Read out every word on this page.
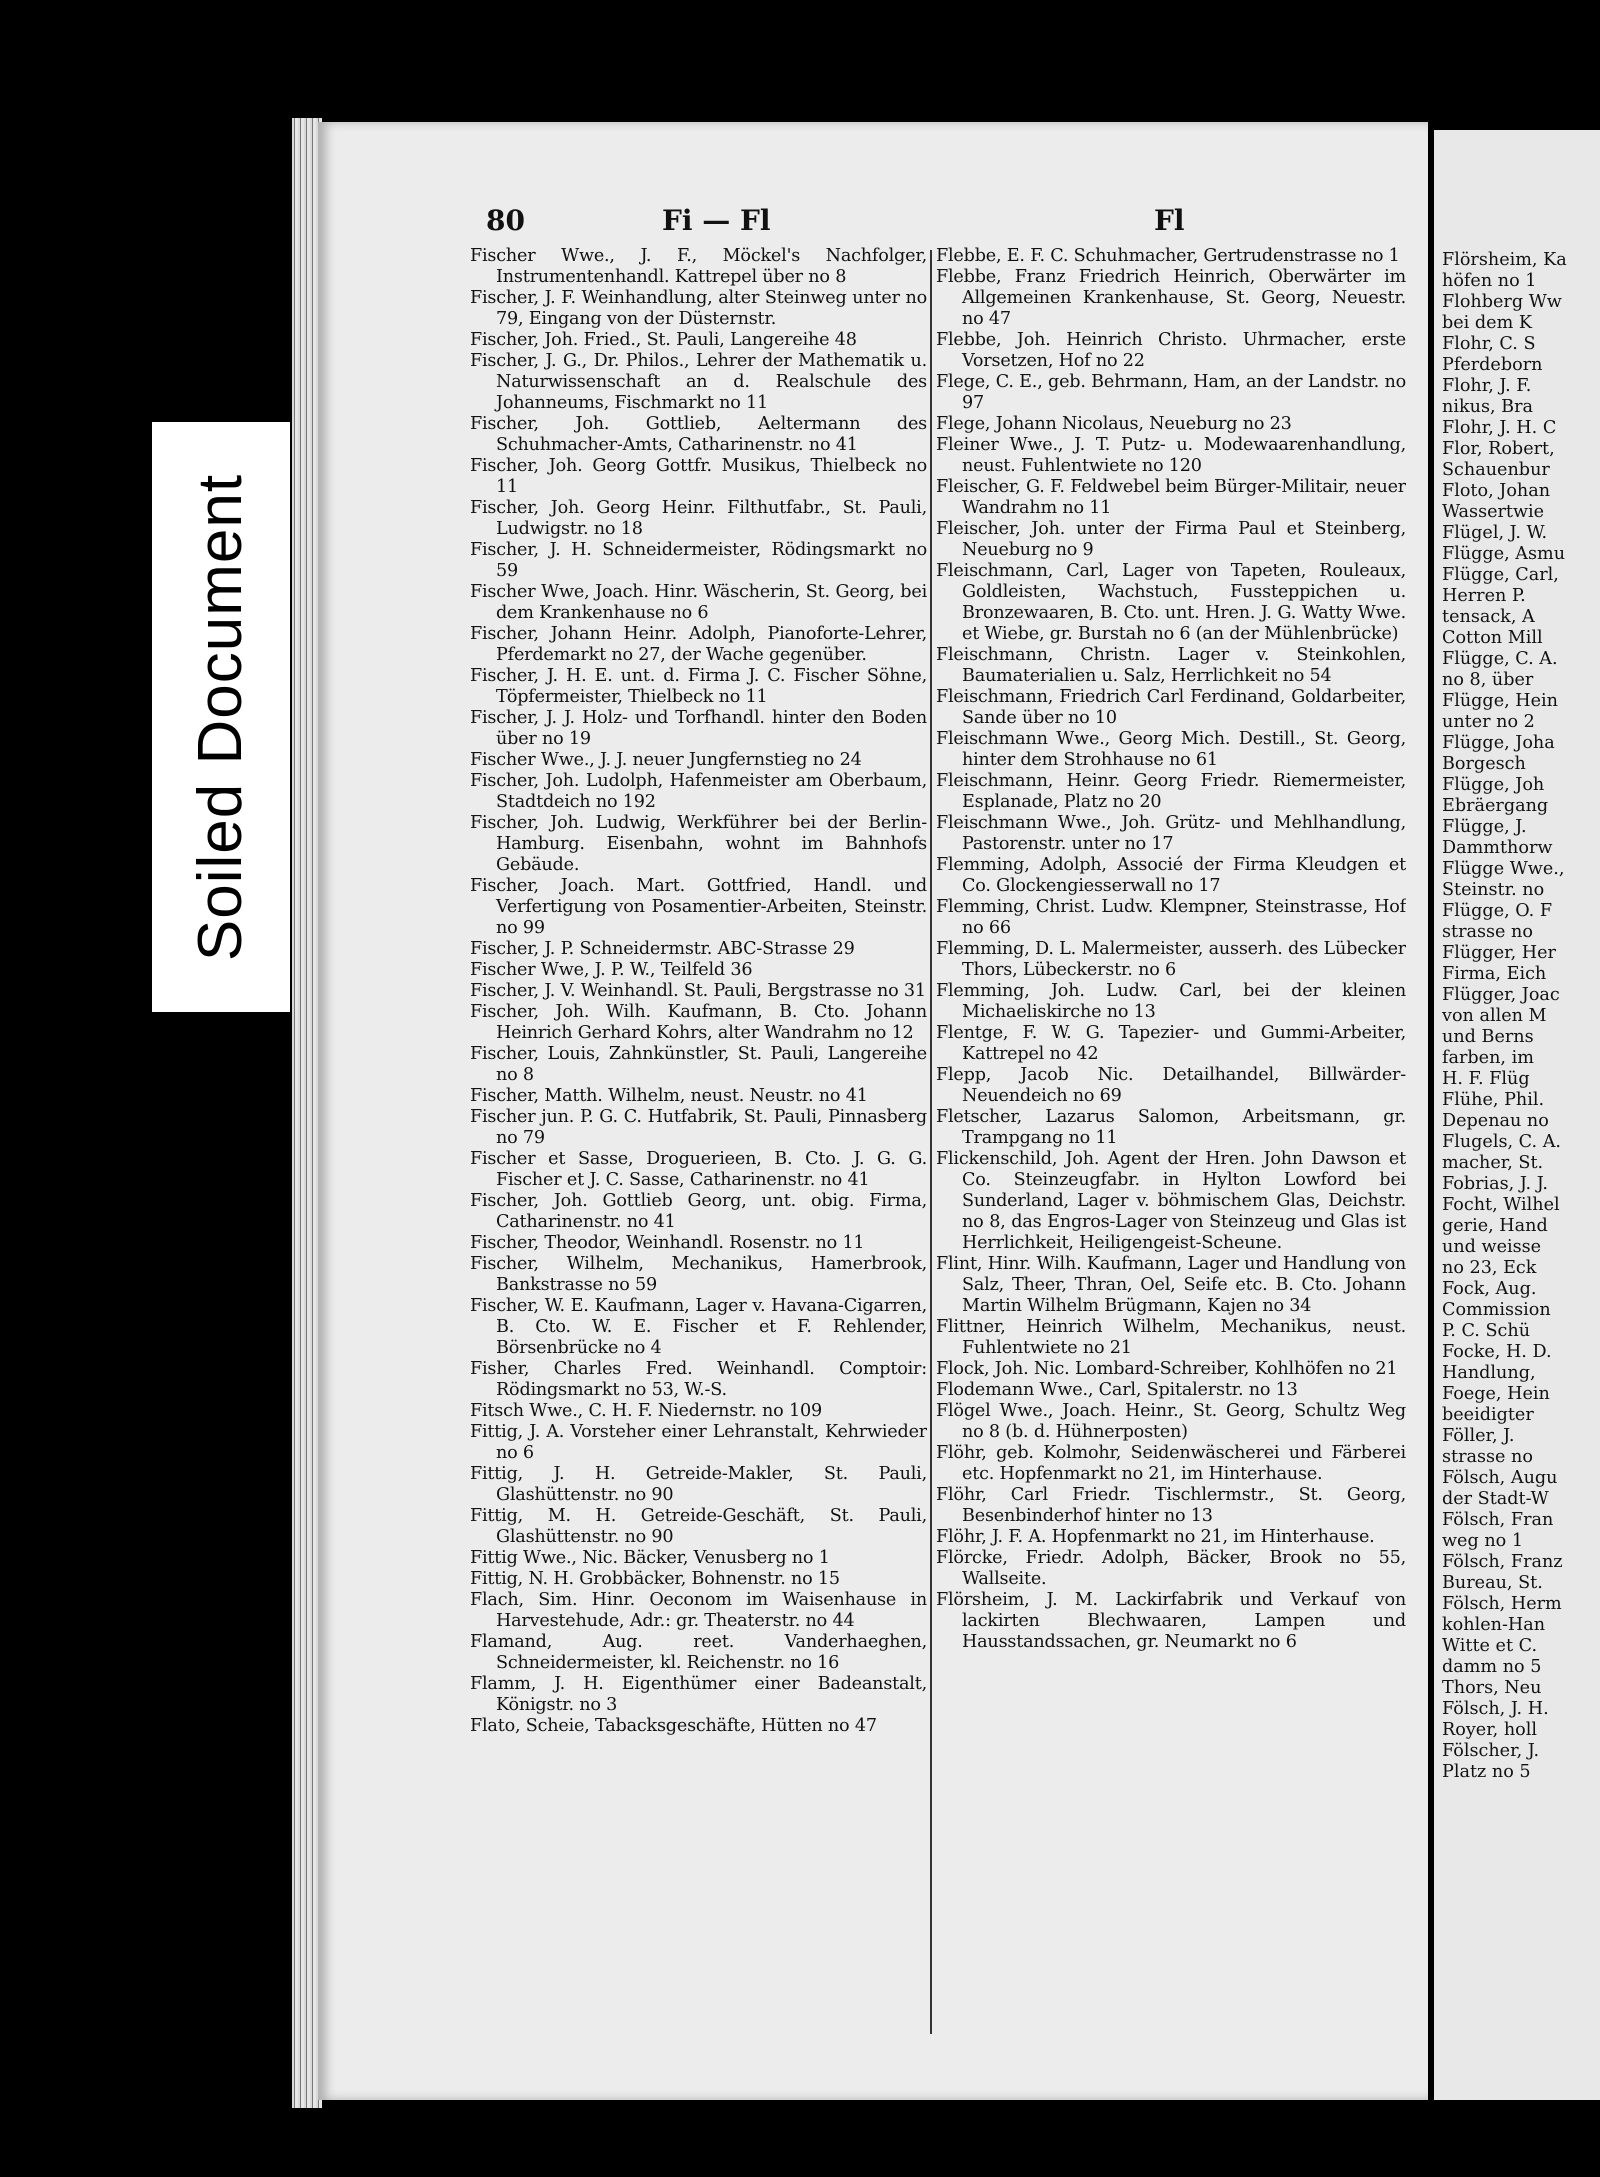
Soiled Document
80	Fi — Fl	Fl
Fischer Wwe., J. F., Möckel's Nachfolger, Instrumentenhandl. Kattrepel über no 8
Fischer, J. F. Weinhandlung, alter Steinweg unter no 79, Eingang von der Düsternstr.
Fischer, Joh. Fried., St. Pauli, Langereihe 48
Fischer, J. G., Dr. Philos., Lehrer der Mathematik u. Naturwissenschaft an d. Realschule des Johanneums, Fischmarkt no 11
Fischer, Joh. Gottlieb, Aeltermann des Schuhmacher-Amts, Catharinenstr. no 41
Fischer, Joh. Georg Gottfr. Musikus, Thielbeck no 11
Fischer, Joh. Georg Heinr. Filthutfabr., St. Pauli, Ludwigstr. no 18
Fischer, J. H. Schneidermeister, Rödingsmarkt no 59
Fischer Wwe, Joach. Hinr. Wäscherin, St. Georg, bei dem Krankenhause no 6
Fischer, Johann Heinr. Adolph, Pianoforte-Lehrer, Pferdemarkt no 27, der Wache gegenüber.
Fischer, J. H. E. unt. d. Firma J. C. Fischer Söhne, Töpfermeister, Thielbeck no 11
Fischer, J. J. Holz- und Torfhandl. hinter den Boden über no 19
Fischer Wwe., J. J. neuer Jungfernstieg no 24
Fischer, Joh. Ludolph, Hafenmeister am Oberbaum, Stadtdeich no 192
Fischer, Joh. Ludwig, Werkführer bei der Berlin-Hamburg. Eisenbahn, wohnt im Bahnhofs Gebäude.
Fischer, Joach. Mart. Gottfried, Handl. und Verfertigung von Posamentier-Arbeiten, Steinstr. no 99
Fischer, J. P. Schneidermstr. ABC-Strasse 29
Fischer Wwe, J. P. W., Teilfeld 36
Fischer, J. V. Weinhandl. St. Pauli, Bergstrasse no 31
Fischer, Joh. Wilh. Kaufmann, B. Cto. Johann Heinrich Gerhard Kohrs, alter Wandrahm no 12
Fischer, Louis, Zahnkünstler, St. Pauli, Langereihe no 8
Fischer, Matth. Wilhelm, neust. Neustr. no 41
Fischer jun. P. G. C. Hutfabrik, St. Pauli, Pinnasberg no 79
Fischer et Sasse, Droguerieen, B. Cto. J. G. G. Fischer et J. C. Sasse, Catharinenstr. no 41
Fischer, Joh. Gottlieb Georg, unt. obig. Firma, Catharinenstr. no 41
Fischer, Theodor, Weinhandl. Rosenstr. no 11
Fischer, Wilhelm, Mechanikus, Hamerbrook, Bankstrasse no 59
Fischer, W. E. Kaufmann, Lager v. Havana-Cigarren, B. Cto. W. E. Fischer et F. Rehlender, Börsenbrücke no 4
Fisher, Charles Fred. Weinhandl. Comptoir: Rödingsmarkt no 53, W.-S.
Fitsch Wwe., C. H. F. Niedernstr. no 109
Fittig, J. A. Vorsteher einer Lehranstalt, Kehrwieder no 6
Fittig, J. H. Getreide-Makler, St. Pauli, Glashüttenstr. no 90
Fittig, M. H. Getreide-Geschäft, St. Pauli, Glashüttenstr. no 90
Fittig Wwe., Nic. Bäcker, Venusberg no 1
Fittig, N. H. Grobbäcker, Bohnenstr. no 15
Flach, Sim. Hinr. Oeconom im Waisenhause in Harvestehude, Adr.: gr. Theaterstr. no 44
Flamand, Aug. reet. Vanderhaeghen, Schneidermeister, kl. Reichenstr. no 16
Flamm, J. H. Eigenthümer einer Badeanstalt, Königstr. no 3
Flato, Scheie, Tabacksgeschäfte, Hütten no 47
Flebbe, E. F. C. Schuhmacher, Gertrudenstrasse no 1
Flebbe, Franz Friedrich Heinrich, Oberwärter im Allgemeinen Krankenhause, St. Georg, Neuestr. no 47
Flebbe, Joh. Heinrich Christo. Uhrmacher, erste Vorsetzen, Hof no 22
Flege, C. E., geb. Behrmann, Ham, an der Landstr. no 97
Flege, Johann Nicolaus, Neueburg no 23
Fleiner Wwe., J. T. Putz- u. Modewaarenhandlung, neust. Fuhlentwiete no 120
Fleischer, G. F. Feldwebel beim Bürger-Militair, neuer Wandrahm no 11
Fleischer, Joh. unter der Firma Paul et Steinberg, Neueburg no 9
Fleischmann, Carl, Lager von Tapeten, Rouleaux, Goldleisten, Wachstuch, Fussteppichen u. Bronzewaaren, B. Cto. unt. Hren. J. G. Watty Wwe. et Wiebe, gr. Burstah no 6 (an der Mühlenbrücke)
Fleischmann, Christn. Lager v. Steinkohlen, Baumaterialien u. Salz, Herrlichkeit no 54
Fleischmann, Friedrich Carl Ferdinand, Goldarbeiter, Sande über no 10
Fleischmann Wwe., Georg Mich. Destill., St. Georg, hinter dem Strohhause no 61
Fleischmann, Heinr. Georg Friedr. Riemermeister, Esplanade, Platz no 20
Fleischmann Wwe., Joh. Grütz- und Mehlhandlung, Pastorenstr. unter no 17
Flemming, Adolph, Associé der Firma Kleudgen et Co. Glockengiesserwall no 17
Flemming, Christ. Ludw. Klempner, Steinstrasse, Hof no 66
Flemming, D. L. Malermeister, ausserh. des Lübecker Thors, Lübeckerstr. no 6
Flemming, Joh. Ludw. Carl, bei der kleinen Michaeliskirche no 13
Flentge, F. W. G. Tapezier- und Gummi-Arbeiter, Kattrepel no 42
Flepp, Jacob Nic. Detailhandel, Billwärder-Neuendeich no 69
Fletscher, Lazarus Salomon, Arbeitsmann, gr. Trampgang no 11
Flickenschild, Joh. Agent der Hren. John Dawson et Co. Steinzeugfabr. in Hylton Lowford bei Sunderland, Lager v. böhmischem Glas, Deichstr. no 8, das Engros-Lager von Steinzeug und Glas ist Herrlichkeit, Heiligengeist-Scheune.
Flint, Hinr. Wilh. Kaufmann, Lager und Handlung von Salz, Theer, Thran, Oel, Seife etc. B. Cto. Johann Martin Wilhelm Brügmann, Kajen no 34
Flittner, Heinrich Wilhelm, Mechanikus, neust. Fuhlentwiete no 21
Flock, Joh. Nic. Lombard-Schreiber, Kohlhöfen no 21
Flodemann Wwe., Carl, Spitalerstr. no 13
Flögel Wwe., Joach. Heinr., St. Georg, Schultz Weg no 8 (b. d. Hühnerposten)
Flöhr, geb. Kolmohr, Seidenwäscherei und Färberei etc. Hopfenmarkt no 21, im Hinterhause.
Flöhr, Carl Friedr. Tischlermstr., St. Georg, Besenbinderhof hinter no 13
Flöhr, J. F. A. Hopfenmarkt no 21, im Hinterhause.
Flörcke, Friedr. Adolph, Bäcker, Brook no 55, Wallseite.
Flörsheim, J. M. Lackirfabrik und Verkauf von lackirten Blechwaaren, Lampen und Hausstandssachen, gr. Neumarkt no 6
Flörsheim, Ka
höfen no 1
Flohberg Ww
bei dem K
Flohr, C. S
Pferdeborn
Flohr, J. F.
nikus, Bra
Flohr, J. H. C
Flor, Robert,
Schauenbur
Floto, Johan
Wassertwie
Flügel, J. W.
Flügge, Asmu
Flügge, Carl,
Herren P.
tensack, A
Cotton Mill
Flügge, C. A.
no 8, über
Flügge, Hein
unter no 2
Flügge, Joha
Borgesch
Flügge, Joh
Ebräergang
Flügge, J.
Dammthorw
Flügge Wwe.,
Steinstr. no
Flügge, O. F
strasse no
Flügger, Her
Firma, Eich
Flügger, Joac
von allen M
und Berns
farben, im
H. F. Flüg
Flühe, Phil.
Depenau no
Flugels, C. A.
macher, St.
Fobrias, J. J.
Focht, Wilhel
gerie, Hand
und weisse
no 23, Eck
Fock, Aug.
Commission
P. C. Schü
Focke, H. D.
Handlung,
Foege, Hein
beeidigter
Föller, J.
strasse no
Fölsch, Augu
der Stadt-W
Fölsch, Fran
weg no 1
Fölsch, Franz
Bureau, St.
Fölsch, Herm
kohlen-Han
Witte et C.
damm no 5
Thors, Neu
Fölsch, J. H.
Royer, holl
Fölscher, J.
Platz no 5
